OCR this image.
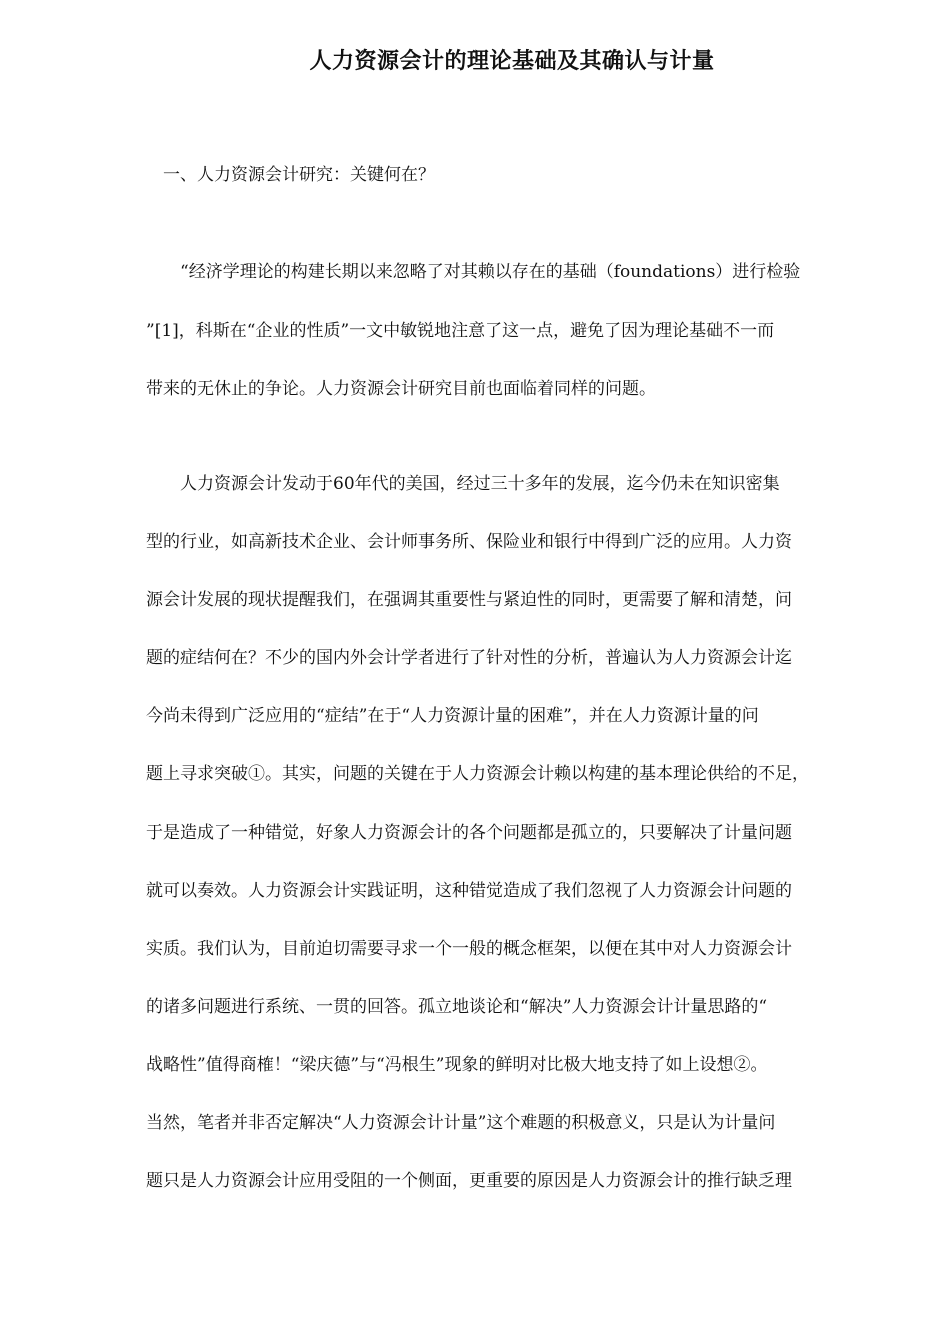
人力资源会计的理论基础及其确认与计量
一、人力资源会计研究：关键何在？
　　“经济学理论的构建长期以来忽略了对其赖以存在的基础（foundations）进行检验
”[1]，科斯在“企业的性质”一文中敏锐地注意了这一点，避免了因为理论基础不一而
带来的无休止的争论。人力资源会计研究目前也面临着同样的问题。
　　人力资源会计发动于60年代的美国，经过三十多年的发展，迄今仍未在知识密集
型的行业，如高新技术企业、会计师事务所、保险业和银行中得到广泛的应用。人力资
源会计发展的现状提醒我们，在强调其重要性与紧迫性的同时，更需要了解和清楚，问
题的症结何在？不少的国内外会计学者进行了针对性的分析，普遍认为人力资源会计迄
今尚未得到广泛应用的“症结”在于“人力资源计量的困难”，并在人力资源计量的问
题上寻求突破①。其实，问题的关键在于人力资源会计赖以构建的基本理论供给的不足，
于是造成了一种错觉，好象人力资源会计的各个问题都是孤立的，只要解决了计量问题
就可以奏效。人力资源会计实践证明，这种错觉造成了我们忽视了人力资源会计问题的
实质。我们认为，目前迫切需要寻求一个一般的概念框架，以便在其中对人力资源会计
的诸多问题进行系统、一贯的回答。孤立地谈论和“解决”人力资源会计计量思路的“
战略性”值得商榷！“梁庆德”与“冯根生”现象的鲜明对比极大地支持了如上设想②。
当然，笔者并非否定解决“人力资源会计计量”这个难题的积极意义，只是认为计量问
题只是人力资源会计应用受阻的一个侧面，更重要的原因是人力资源会计的推行缺乏理
